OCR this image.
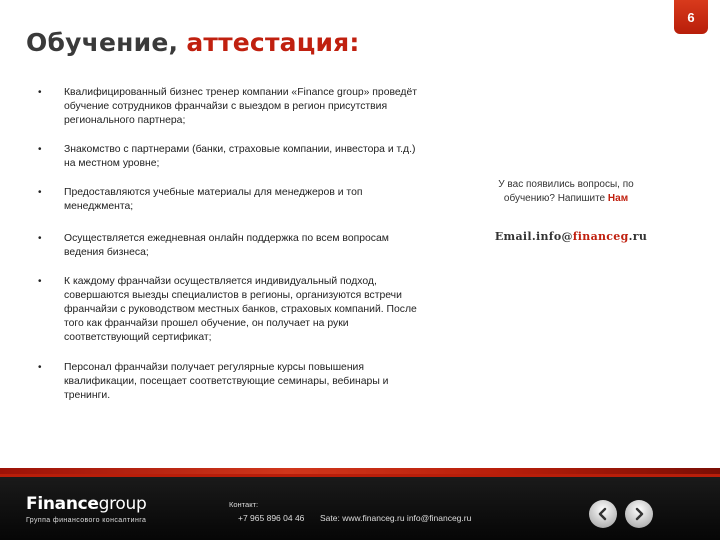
6
Обучение, аттестация:
• Квалифицированный бизнес тренер компании «Finance group» проведёт обучение сотрудников франчайзи с выездом в регион присутствия регионального партнера;
• Знакомство с партнерами (банки, страховые компании, инвестора и т.д.) на местном уровне;
• Предоставляются учебные материалы для менеджеров и топ менеджмента;
• Осуществляется ежедневная онлайн поддержка по всем вопросам ведения бизнеса;
• К каждому франчайзи осуществляется индивидуальный подход, совершаются выезды специалистов в регионы, организуются встречи франчайзи с руководством местных банков, страховых компаний. После того как франчайзи прошел обучение, он получает на руки соответствующий сертификат;
• Персонал франчайзи получает регулярные курсы повышения квалификации, посещает соответствующие семинары, вебинары и тренинги.
У вас появились вопросы, по обучению? Напишите Нам
Email.info@financeg.ru
Financegroup
Группа финансового консалтинга
Контакт:
+7 965 896 04 46 Sate: www.financeg.ru info@financeg.ru
